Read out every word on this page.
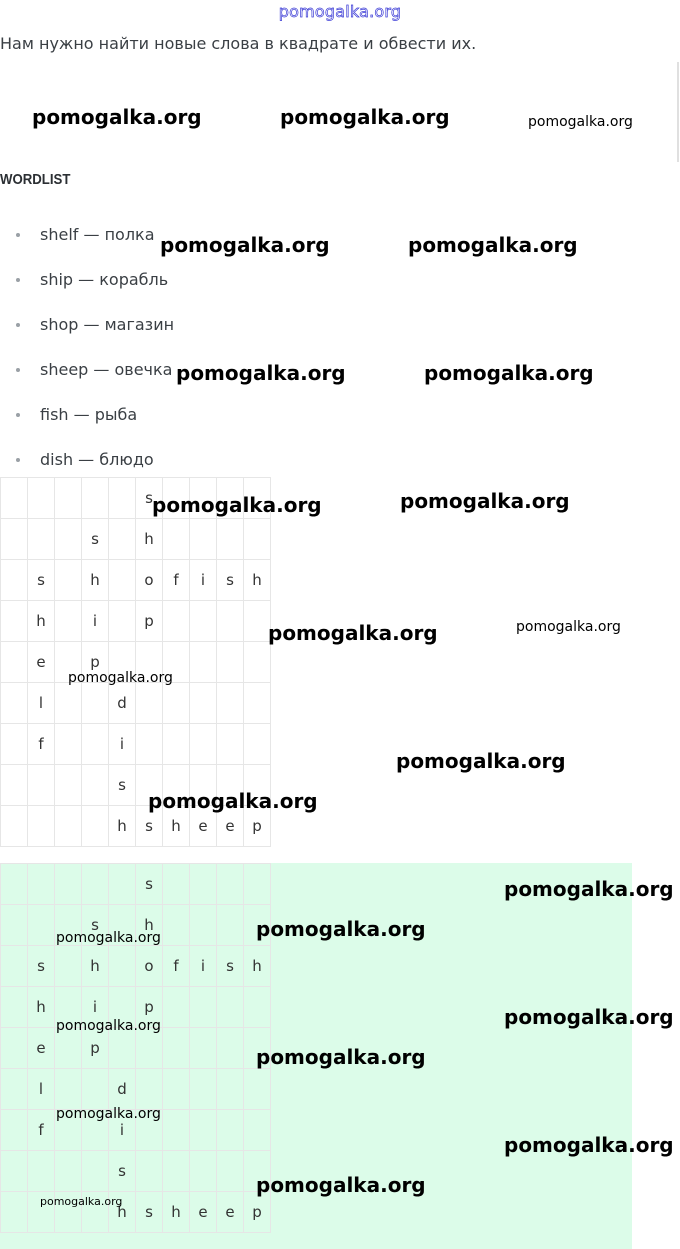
pomogalka.org
Нам нужно найти новые слова в квадрате и обвести их.
WORDLIST
shelf — полка
ship — корабль
shop — магазин
sheep — овечка
fish — рыба
dish — блюдо
					s				
			s		h				
	s		h		o	f	i	s	h
	h		i		p				
	e		p						
	l			d					
	f			i					
				s					
				h	s	h	e	e	p
					s				
			s		h				
	s		h		o	f	i	s	h
	h		i		p				
	e		p						
	l			d					
	f			i					
				s					
				h	s	h	e	e	p
pomogalka.org	pomogalka.org	pomogalka.org
pomogalka.org	pomogalka.org
pomogalka.org	pomogalka.org
pomogalka.org	pomogalka.org
pomogalka.org	pomogalka.org
pomogalka.org
pomogalka.org
pomogalka.org
pomogalka.org
pomogalka.org
pomogalka.org
pomogalka.org
pomogalka.org
pomogalka.org
pomogalka.org
pomogalka.org
pomogalka.org
pomogalka.org
